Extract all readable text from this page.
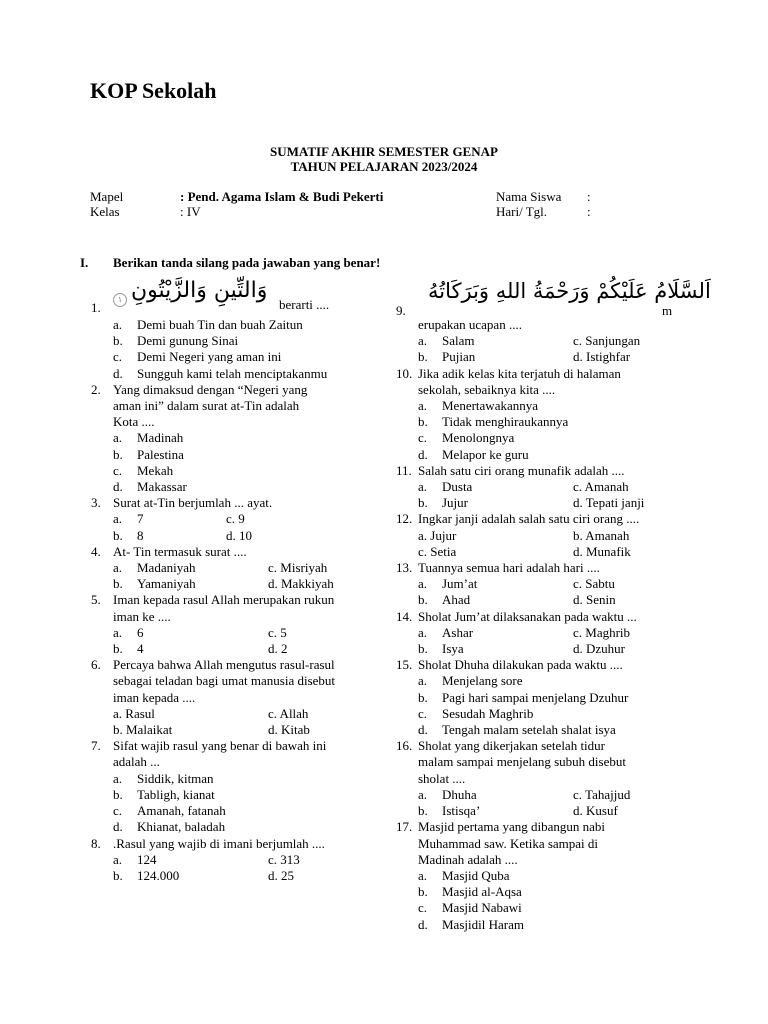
KOP Sekolah
SUMATIF AKHIR SEMESTER GENAP
TAHUN PELAJARAN 2023/2024
Mapel	: Pend. Agama Islam & Budi Pekerti
Kelas	: IV
Nama Siswa :
Hari/ Tgl.	:
I. Berikan tanda silang pada jawaban yang benar!
1.
١ وَالتِّينِ وَالزَّيْتُونِ
berarti ....
a.	Demi buah Tin dan buah Zaitun
b.	Demi gunung Sinai
c.	Demi Negeri yang aman ini
d.	Sungguh kami telah menciptakanmu
2. Yang dimaksud dengan “Negeri yang
aman ini” dalam surat at-Tin adalah
Kota ....
a.	Madinah
b.	Palestina
c.	Mekah
d.	Makassar
3. Surat at-Tin berjumlah ... ayat.
a.	7	c. 9
b.	8	d. 10
4. At- Tin termasuk surat ....
a.	Madaniyah	c. Misriyah
b.	Yamaniyah	d. Makkiyah
5. Iman kepada rasul Allah merupakan rukun
iman ke ....
a.	6	c. 5
b.	4	d. 2
6. Percaya bahwa Allah mengutus rasul-rasul
sebagai teladan bagi umat manusia disebut
iman kepada ....
a. Rasul	c. Allah
b. Malaikat	d. Kitab
7. Sifat wajib rasul yang benar di bawah ini
adalah ...
a.	Siddik, kitman
b.	Tabligh, kianat
c.	Amanah, fatanah
d.	Khianat, baladah
8. .Rasul yang wajib di imani berjumlah ....
a.	124	c. 313
b.	124.000	d. 25
9.
اَلسَّلَامُ عَلَيْكُمْ وَرَحْمَةُ اللهِ وَبَرَكَاتُهُ
m
erupakan ucapan ....
a.	Salam	c. Sanjungan
b.	Pujian	d. Istighfar
10. Jika adik kelas kita terjatuh di halaman
sekolah, sebaiknya kita ....
a.	Menertawakannya
b.	Tidak menghiraukannya
c.	Menolongnya
d.	Melapor ke guru
11. Salah satu ciri orang munafik adalah ....
a.	Dusta	c. Amanah
b.	Jujur	d. Tepati janji
12. Ingkar janji adalah salah satu ciri orang ....
a. Jujur	b. Amanah
c. Setia	d. Munafik
13. Tuannya semua hari adalah hari ....
a.	Jum’at	c. Sabtu
b.	Ahad	d. Senin
14. Sholat Jum’at dilaksanakan pada waktu ...
a.	Ashar	c. Maghrib
b.	Isya	d. Dzuhur
15. Sholat Dhuha dilakukan pada waktu ....
a.	Menjelang sore
b.	Pagi hari sampai menjelang Dzuhur
c.	Sesudah Maghrib
d.	Tengah malam setelah shalat isya
16. Sholat yang dikerjakan setelah tidur
malam sampai menjelang subuh disebut
sholat ....
a.	Dhuha	c. Tahajjud
b.	Istisqa’	d. Kusuf
17. Masjid pertama yang dibangun nabi
Muhammad saw. Ketika sampai di
Madinah adalah ....
a.	Masjid Quba
b.	Masjid al-Aqsa
c.	Masjid Nabawi
d.	Masjidil Haram
